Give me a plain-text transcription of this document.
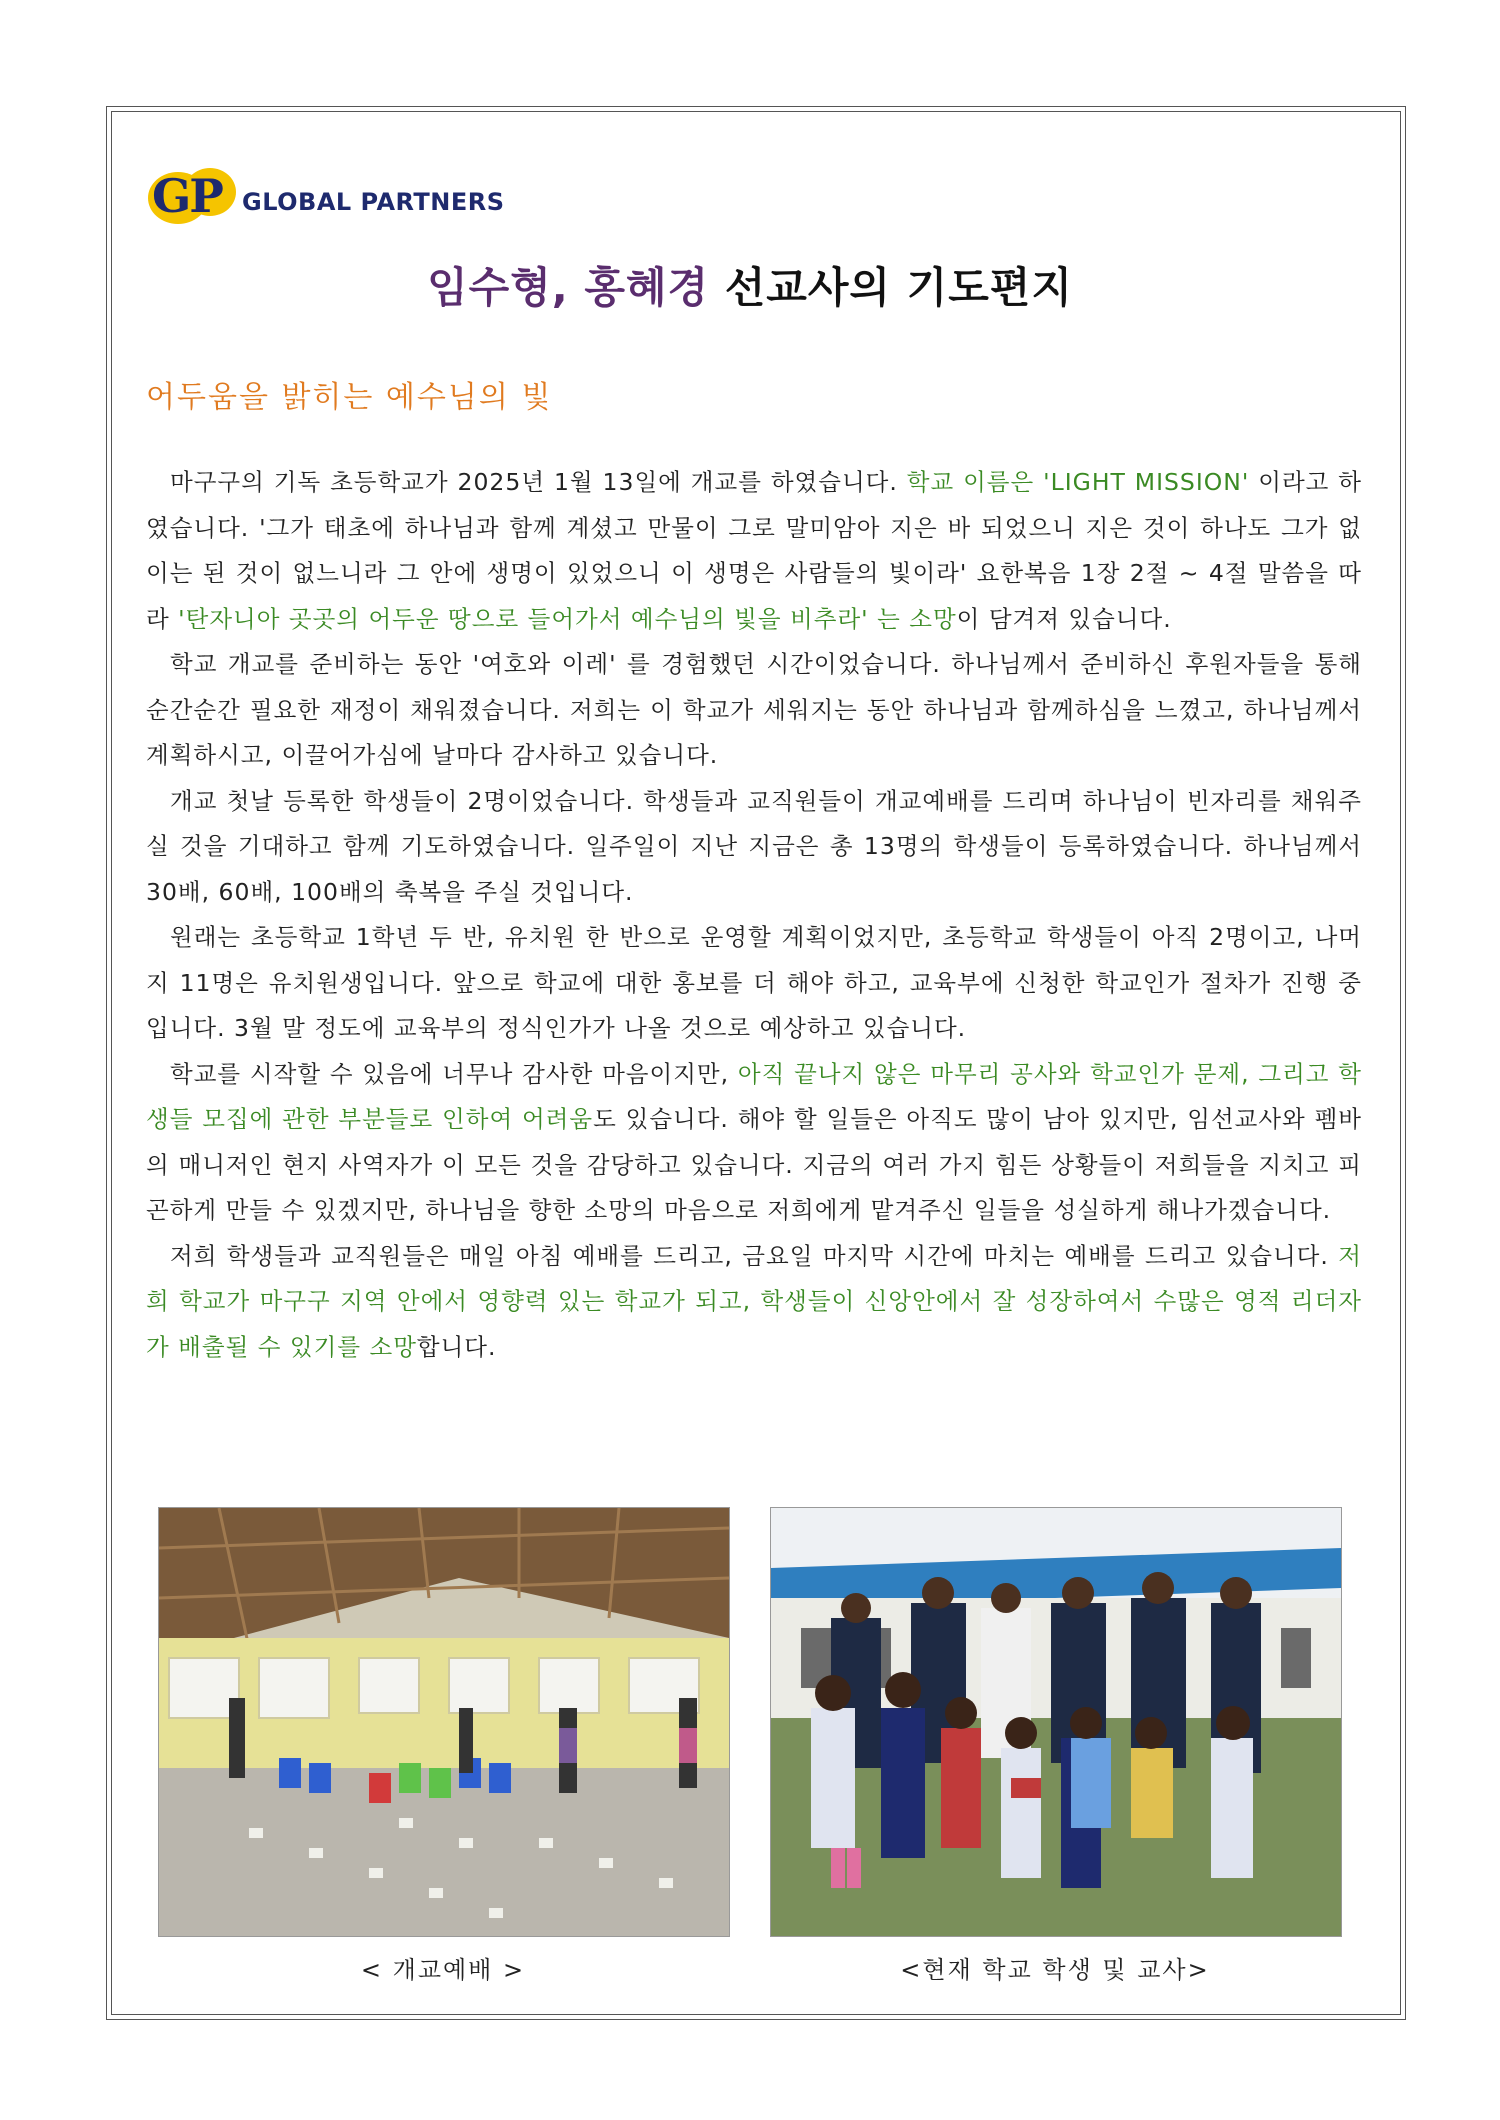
GP GLOBAL PARTNERS
임수형, 홍혜경 선교사의 기도편지
어두움을 밝히는 예수님의 빛

마구구의 기독 초등학교가 2025년 1월 13일에 개교를 하였습니다. 학교 이름은 'LIGHT MISSION' 이라고 하였습니다. '그가 태초에 하나님과 함께 계셨고 만물이 그로 말미암아 지은 바 되었으니 지은 것이 하나도 그가 없이는 된 것이 없느니라 그 안에 생명이 있었으니 이 생명은 사람들의 빛이라' 요한복음 1장 2절 ~ 4절 말씀을 따라 '탄자니아 곳곳의 어두운 땅으로 들어가서 예수님의 빛을 비추라' 는 소망이 담겨져 있습니다.

학교 개교를 준비하는 동안 '여호와 이레' 를 경험했던 시간이었습니다. 하나님께서 준비하신 후원자들을 통해 순간순간 필요한 재정이 채워졌습니다. 저희는 이 학교가 세워지는 동안 하나님과 함께하심을 느꼈고, 하나님께서 계획하시고, 이끌어가심에 날마다 감사하고 있습니다.

개교 첫날 등록한 학생들이 2명이었습니다. 학생들과 교직원들이 개교예배를 드리며 하나님이 빈자리를 채워주실 것을 기대하고 함께 기도하였습니다. 일주일이 지난 지금은 총 13명의 학생들이 등록하였습니다. 하나님께서 30배, 60배, 100배의 축복을 주실 것입니다.

원래는 초등학교 1학년 두 반, 유치원 한 반으로 운영할 계획이었지만, 초등학교 학생들이 아직 2명이고, 나머지 11명은 유치원생입니다. 앞으로 학교에 대한 홍보를 더 해야 하고, 교육부에 신청한 학교인가 절차가 진행 중입니다. 3월 말 정도에 교육부의 정식인가가 나올 것으로 예상하고 있습니다.

학교를 시작할 수 있음에 너무나 감사한 마음이지만, 아직 끝나지 않은 마무리 공사와 학교인가 문제, 그리고 학생들 모집에 관한 부분들로 인하여 어려움도 있습니다. 해야 할 일들은 아직도 많이 남아 있지만, 임선교사와 펨바의 매니저인 현지 사역자가 이 모든 것을 감당하고 있습니다. 지금의 여러 가지 힘든 상황들이 저희들을 지치고 피곤하게 만들 수 있겠지만, 하나님을 향한 소망의 마음으로 저희에게 맡겨주신 일들을 성실하게 해나가겠습니다.

저희 학생들과 교직원들은 매일 아침 예배를 드리고, 금요일 마지막 시간에 마치는 예배를 드리고 있습니다. 저희 학교가 마구구 지역 안에서 영향력 있는 학교가 되고, 학생들이 신앙안에서 잘 성장하여서 수많은 영적 리더자가 배출될 수 있기를 소망합니다.

< 개교예배 >	<현재 학교 학생 및 교사>
